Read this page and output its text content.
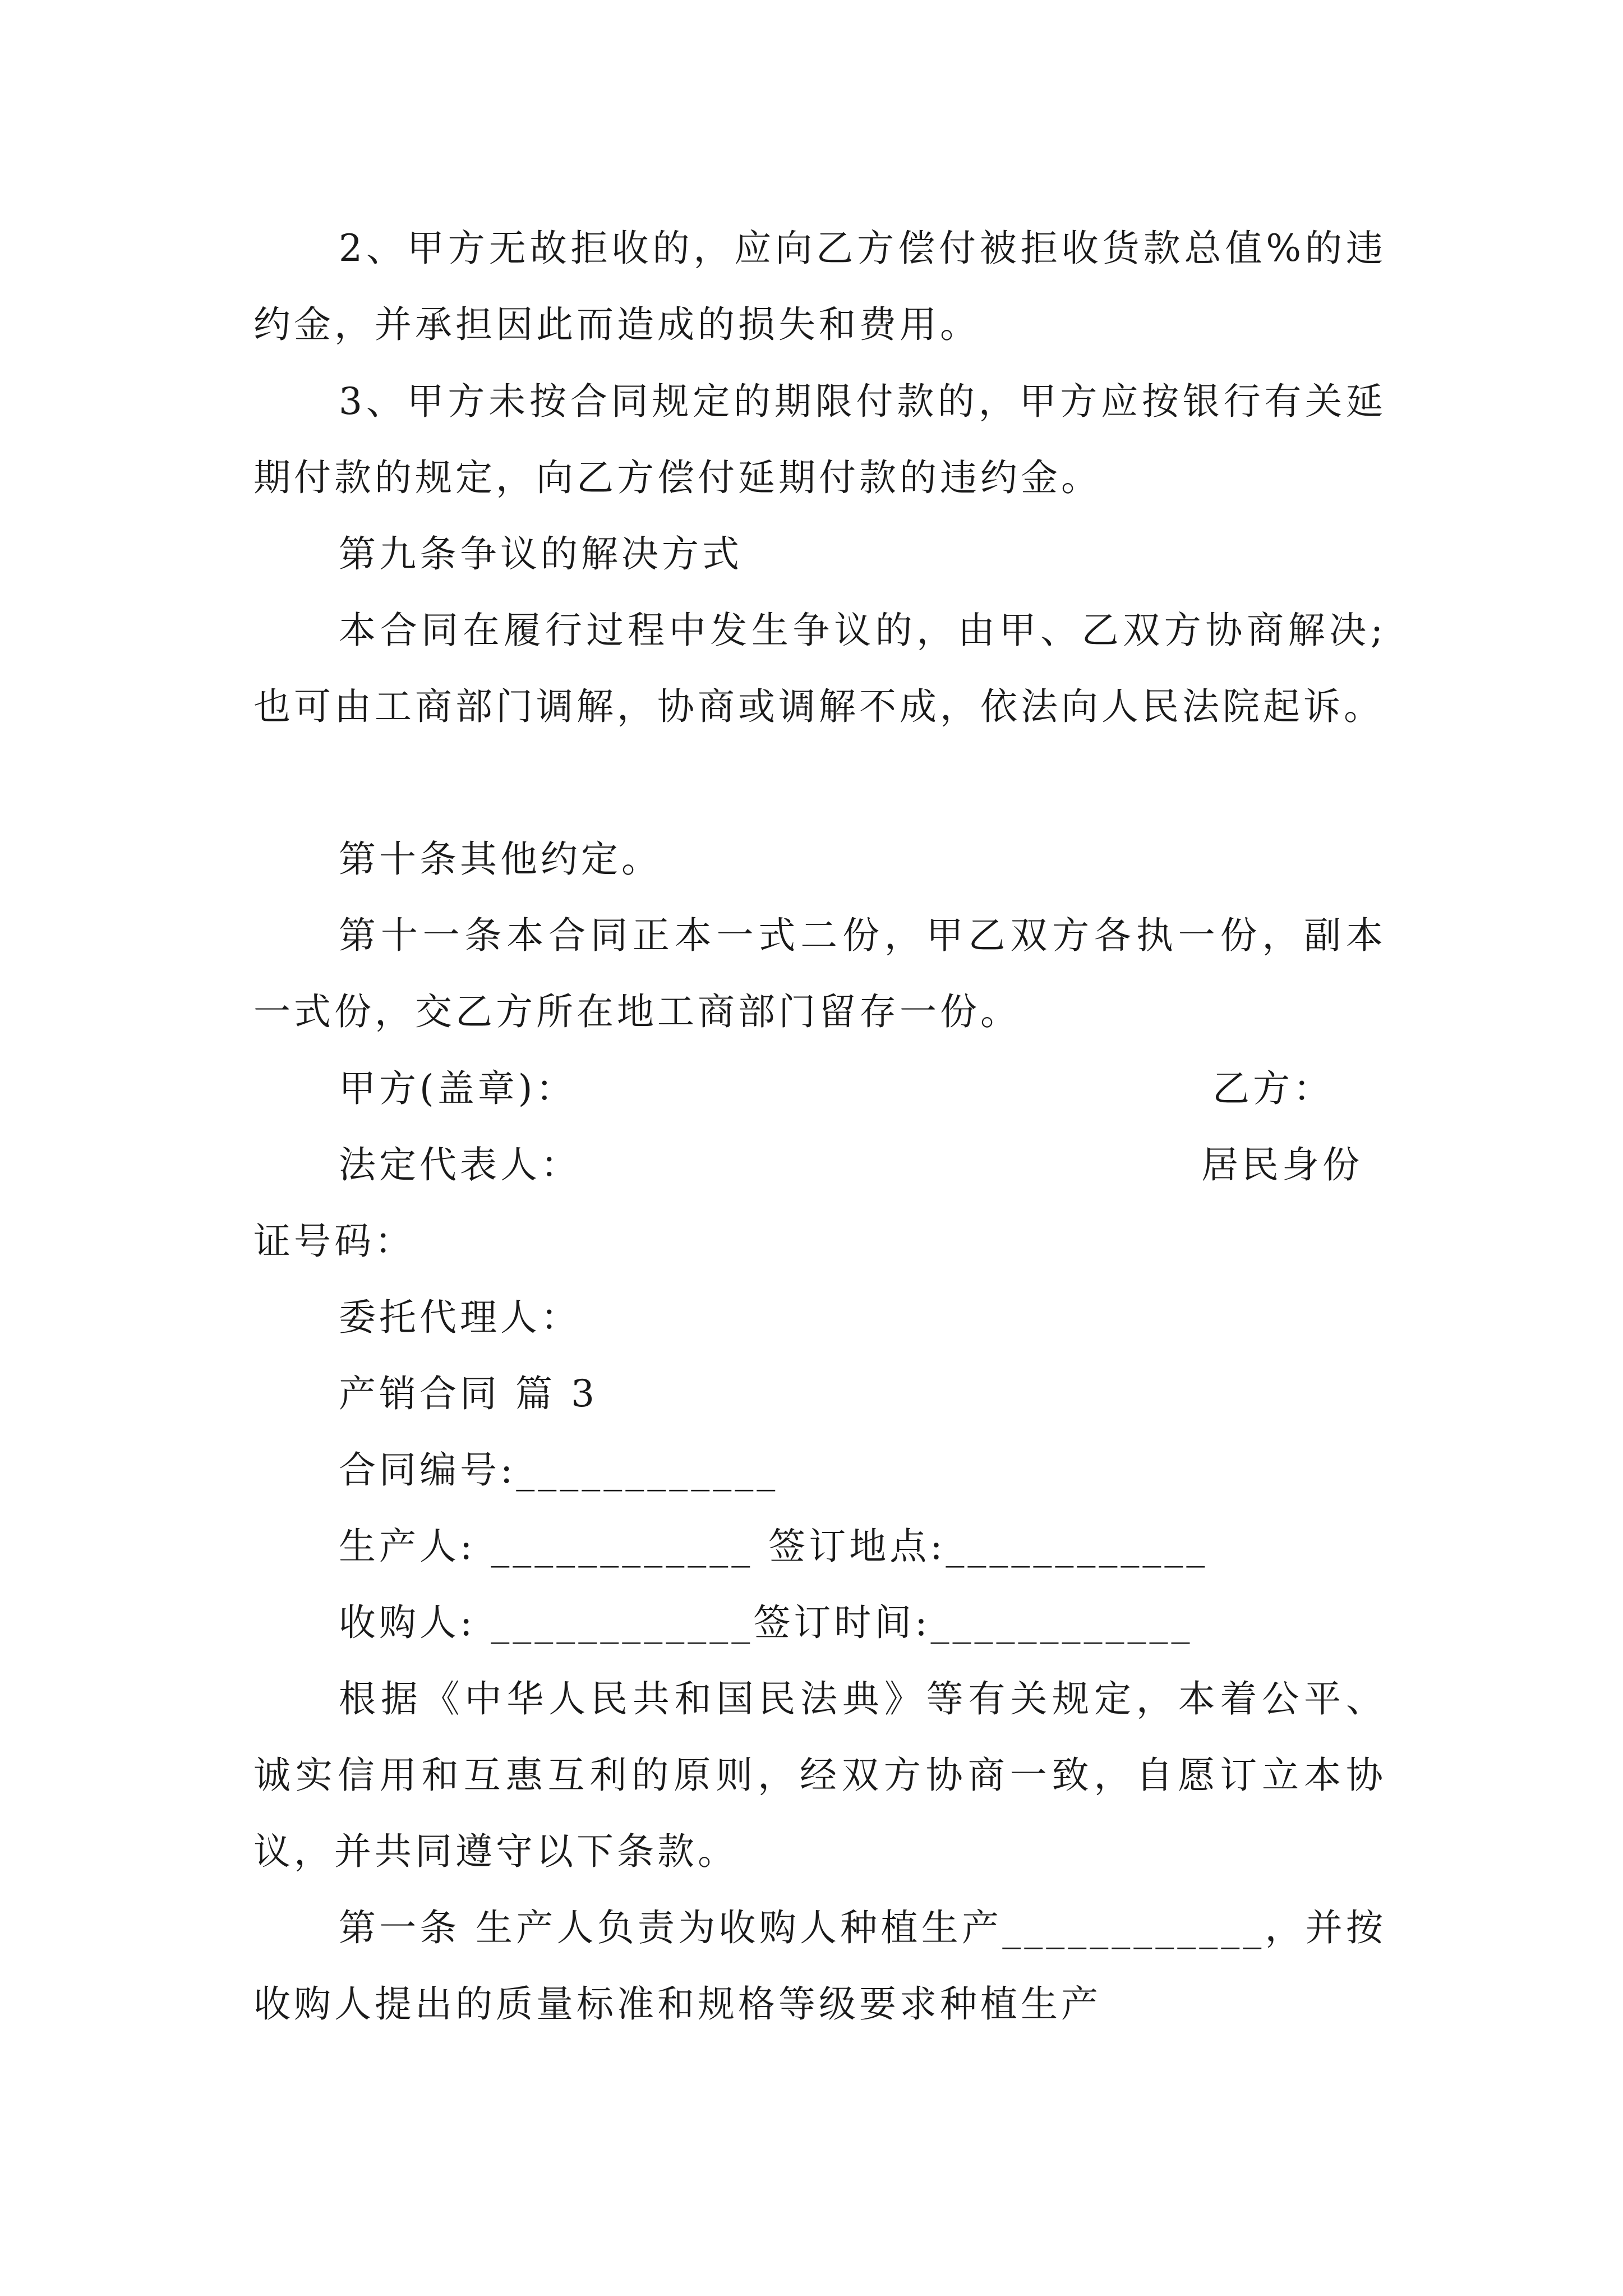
2、甲方无故拒收的，应向乙方偿付被拒收货款总值%的违约金，并承担因此而造成的损失和费用。

3、甲方未按合同规定的期限付款的，甲方应按银行有关延期付款的规定，向乙方偿付延期付款的违约金。

第九条争议的解决方式

本合同在履行过程中发生争议的，由甲、乙双方协商解决;也可由工商部门调解，协商或调解不成，依法向人民法院起诉。

第十条其他约定。

第十一条本合同正本一式二份，甲乙双方各执一份，副本一式份，交乙方所在地工商部门留存一份。

甲方(盖章)：	乙方：
法定代表人：	居民身份
证号码：
委托代理人：
产销合同 篇 3
合同编号:____________
生产人: ____________ 签订地点:____________
收购人: ____________签订时间:____________

根据《中华人民共和国民法典》等有关规定，本着公平、诚实信用和互惠互利的原则，经双方协商一致，自愿订立本协议，并共同遵守以下条款。

第一条 生产人负责为收购人种植生产____________，并按收购人提出的质量标准和规格等级要求种植生产
